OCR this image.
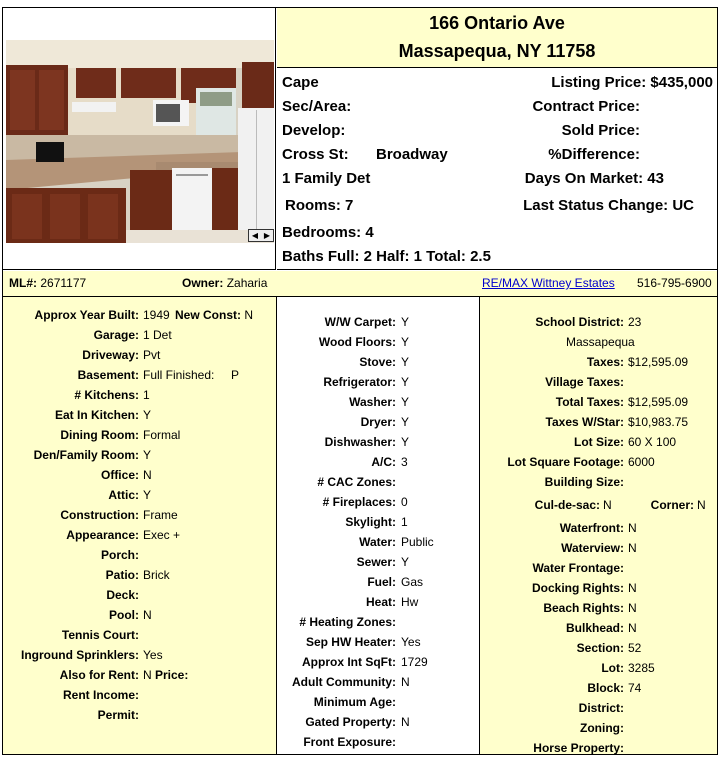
◀ ▶
166 Ontario Ave
Massapequa, NY 11758
Cape
Sec/Area:
Develop:
Cross St: Broadway
1 Family Det
Rooms: 7
Bedrooms: 4
Baths Full: 2 Half: 1 Total: 2.5
Listing Price: $435,000
Contract Price:
Sold Price:
%Difference:
Days On Market: 43
Last Status Change: UC
ML#: 2671177	Owner: Zaharia	RE/MAX Wittney Estates 516-795-6900
Approx Year Built: 1949 New Const: N
Garage: 1 Det
Driveway: Pvt
Basement: Full Finished: P
# Kitchens: 1
Eat In Kitchen: Y
Dining Room: Formal
Den/Family Room: Y
Office: N
Attic: Y
Construction: Frame
Appearance: Exec +
Porch:
Patio: Brick
Deck:
Pool: N
Tennis Court:
Inground Sprinklers: Yes
Also for Rent: N Price:
Rent Income:
Permit:
W/W Carpet: Y
Wood Floors: Y
Stove: Y
Refrigerator: Y
Washer: Y
Dryer: Y
Dishwasher: Y
A/C: 3
# CAC Zones:
# Fireplaces: 0
Skylight: 1
Water: Public
Sewer: Y
Fuel: Gas
Heat: Hw
# Heating Zones:
Sep HW Heater: Yes
Approx Int SqFt: 1729
Adult Community: N
Minimum Age:
Gated Property: N
Front Exposure:
School District: 23
Massapequa
Taxes: $12,595.09
Village Taxes:
Total Taxes: $12,595.09
Taxes W/Star: $10,983.75
Lot Size: 60 X 100
Lot Square Footage: 6000
Building Size:
Cul-de-sac: N	Corner: N
Waterfront: N
Waterview: N
Water Frontage:
Docking Rights: N
Beach Rights: N
Bulkhead: N
Section: 52
Lot: 3285
Block: 74
District:
Zoning:
Horse Property:
